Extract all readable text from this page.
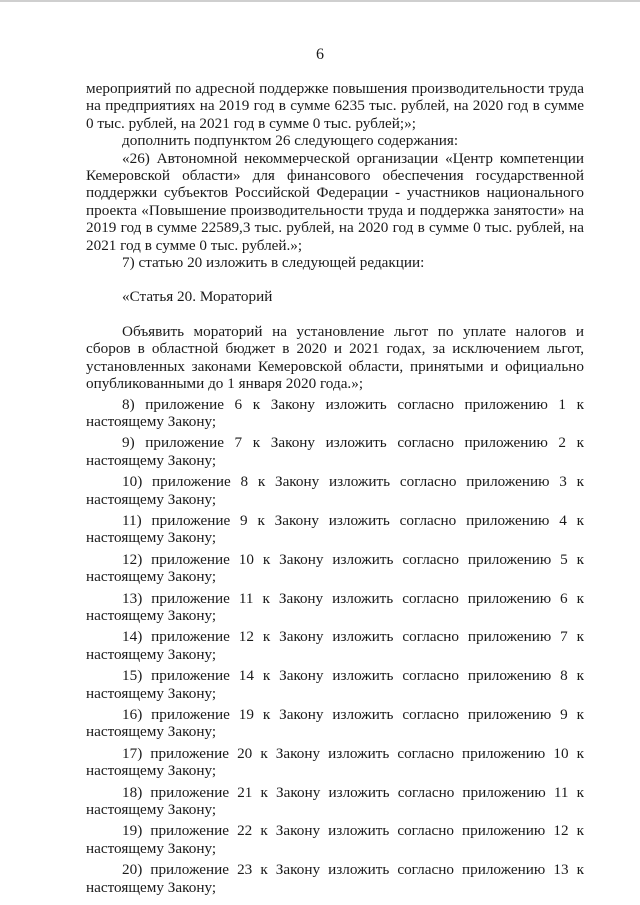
6

мероприятий по адресной поддержке повышения производительности труда на предприятиях на 2019 год в сумме 6235 тыс. рублей, на 2020 год в сумме 0 тыс. рублей, на 2021 год в сумме 0 тыс. рублей;»;

дополнить подпунктом 26 следующего содержания:

«26) Автономной некоммерческой организации «Центр компетенции Кемеровской области» для финансового обеспечения государственной поддержки субъектов Российской Федерации - участников национального проекта «Повышение производительности труда и поддержка занятости» на 2019 год в сумме 22589,3 тыс. рублей, на 2020 год в сумме 0 тыс. рублей, на 2021 год в сумме 0 тыс. рублей.»;

7) статью 20 изложить в следующей редакции:

«Статья 20. Мораторий

Объявить мораторий на установление льгот по уплате налогов и сборов в областной бюджет в 2020 и 2021 годах, за исключением льгот, установленных законами Кемеровской области, принятыми и официально опубликованными до 1 января 2020 года.»;

8) приложение 6 к Закону изложить согласно приложению 1 к

настоящему Закону;

9) приложение 7 к Закону изложить согласно приложению 2 к

настоящему Закону;

10) приложение 8 к Закону изложить согласно приложению 3 к

настоящему Закону;

11) приложение 9 к Закону изложить согласно приложению 4 к

настоящему Закону;

12) приложение 10 к Закону изложить согласно приложению 5 к

настоящему Закону;

13) приложение 11 к Закону изложить согласно приложению 6 к

настоящему Закону;

14) приложение 12 к Закону изложить согласно приложению 7 к

настоящему Закону;

15) приложение 14 к Закону изложить согласно приложению 8 к

настоящему Закону;

16) приложение 19 к Закону изложить согласно приложению 9 к

настоящему Закону;

17) приложение 20 к Закону изложить согласно приложению 10 к

настоящему Закону;

18) приложение 21 к Закону изложить согласно приложению 11 к

настоящему Закону;

19) приложение 22 к Закону изложить согласно приложению 12 к

настоящему Закону;

20) приложение 23 к Закону изложить согласно приложению 13 к

настоящему Закону;
